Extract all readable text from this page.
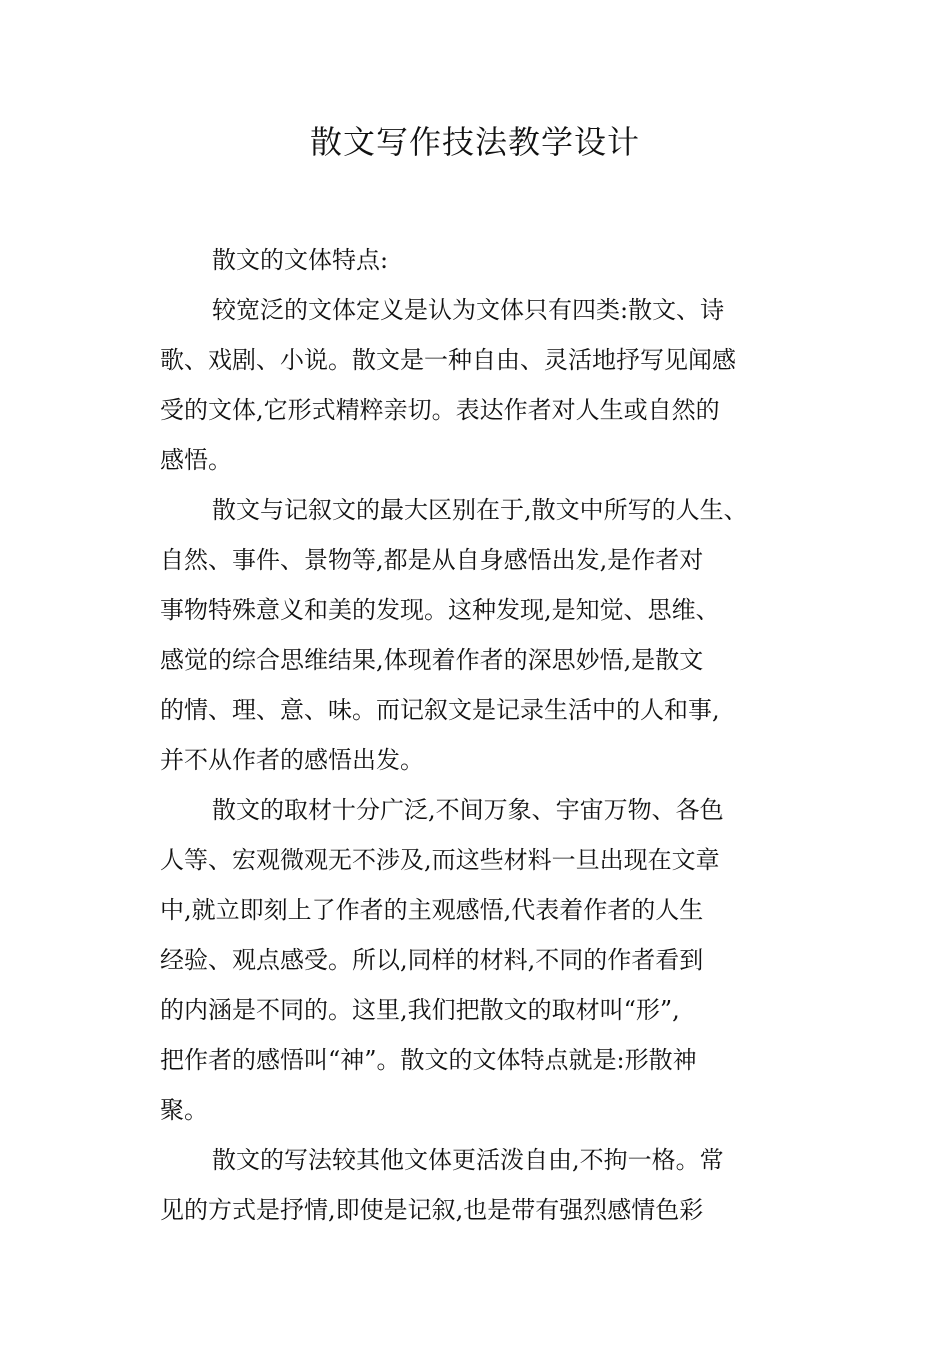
散文写作技法教学设计

散文的文体特点:

较宽泛的文体定义是认为文体只有四类:散文、诗

歌、戏剧、小说。散文是一种自由、灵活地抒写见闻感

受的文体,它形式精粹亲切。表达作者对人生或自然的

感悟。

散文与记叙文的最大区别在于,散文中所写的人生、

自然、事件、景物等,都是从自身感悟出发,是作者对

事物特殊意义和美的发现。这种发现,是知觉、思维、

感觉的综合思维结果,体现着作者的深思妙悟,是散文

的情、理、意、味。而记叙文是记录生活中的人和事,

并不从作者的感悟出发。

散文的取材十分广泛,不间万象、宇宙万物、各色

人等、宏观微观无不涉及,而这些材料一旦出现在文章

中,就立即刻上了作者的主观感悟,代表着作者的人生

经验、观点感受。所以,同样的材料,不同的作者看到

的内涵是不同的。这里,我们把散文的取材叫“形”,

把作者的感悟叫“神”。散文的文体特点就是:形散神

聚。

散文的写法较其他文体更活泼自由,不拘一格。常

见的方式是抒情,即使是记叙,也是带有强烈感情色彩
